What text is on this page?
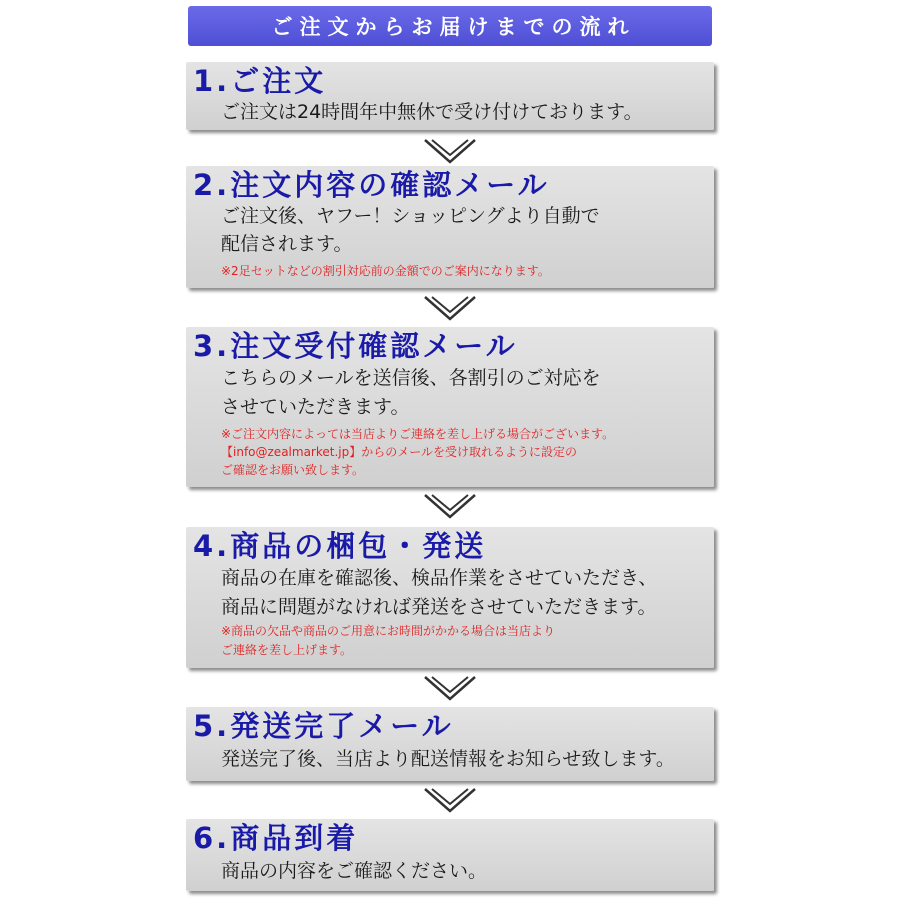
ご注文からお届けまでの流れ
1.ご注文
ご注文は24時間年中無休で受け付けております。
2.注文内容の確認メール
ご注文後、ヤフー！ショッピングより自動で
配信されます。
※2足セットなどの割引対応前の金額でのご案内になります。
3.注文受付確認メール
こちらのメールを送信後、各割引のご対応を
させていただきます。
※ご注文内容によっては当店よりご連絡を差し上げる場合がございます。
【info@zealmarket.jp】からのメールを受け取れるように設定の
ご確認をお願い致します。
4.商品の梱包・発送
商品の在庫を確認後、検品作業をさせていただき、
商品に問題がなければ発送をさせていただきます。
※商品の欠品や商品のご用意にお時間がかかる場合は当店より
ご連絡を差し上げます。
5.発送完了メール
発送完了後、当店より配送情報をお知らせ致します。
6.商品到着
商品の内容をご確認ください。
